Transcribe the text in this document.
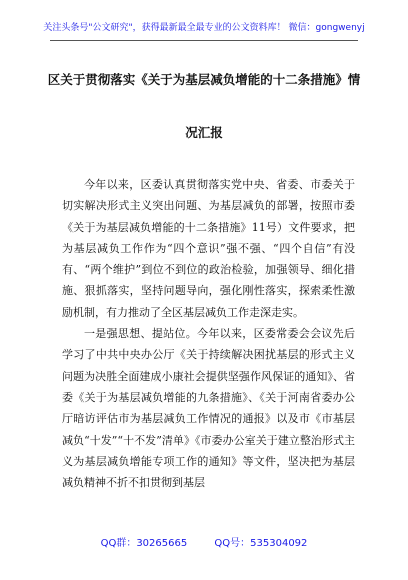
关注头条号"公文研究"，获得最新最全最专业的公文资料库！ 微信：gongwenyj
区关于贯彻落实《关于为基层减负增能的十二条措施》情
况汇报

今年以来，区委认真贯彻落实党中央、省委、市委关于切实解决形式主义突出问题、为基层减负的部署，按照市委《关于为基层减负增能的十二条措施》11号）文件要求，把为基层减负工作作为“四个意识”强不强、“四个自信”有没有、“两个维护”到位不到位的政治检验，加强领导、细化措施、狠抓落实，坚持问题导向，强化刚性落实，探索柔性激励机制，有力推动了全区基层减负工作走深走实。

一是强思想、提站位。今年以来，区委常委会会议先后学习了中共中央办公厅《关于持续解决困扰基层的形式主义问题为决胜全面建成小康社会提供坚强作风保证的通知》、省委《关于为基层减负增能的九条措施》、《关于河南省委办公厅暗访评估市为基层减负工作情况的通报》以及市《市基层减负“十发”“十不发”清单》《市委办公室关于建立整治形式主义为基层减负增能专项工作的通知》等文件，坚决把为基层减负精神不折不扣贯彻到基层

QQ群：30265665	QQ号：535304092
